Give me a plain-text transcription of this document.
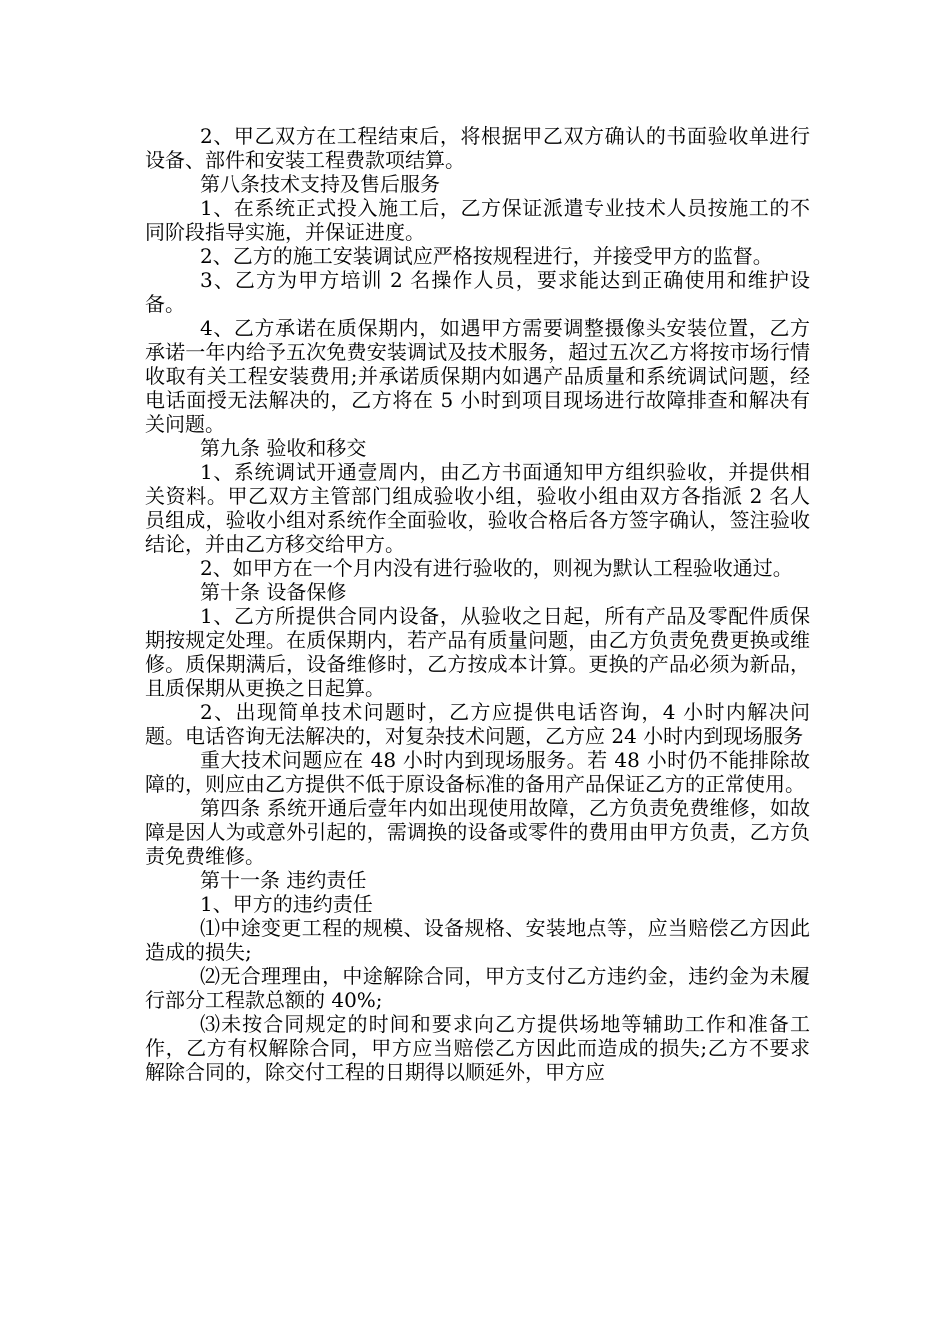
2、甲乙双方在工程结束后，将根据甲乙双方确认的书面验收单进行设备、部件和安装工程费款项结算。

第八条技术支持及售后服务

1、在系统正式投入施工后，乙方保证派遣专业技术人员按施工的不同阶段指导实施，并保证进度。

2、乙方的施工安装调试应严格按规程进行，并接受甲方的监督。

3、乙方为甲方培训 2 名操作人员，要求能达到正确使用和维护设备。

4、乙方承诺在质保期内，如遇甲方需要调整摄像头安装位置，乙方承诺一年内给予五次免费安装调试及技术服务，超过五次乙方将按市场行情收取有关工程安装费用;并承诺质保期内如遇产品质量和系统调试问题，经电话面授无法解决的，乙方将在 5 小时到项目现场进行故障排查和解决有关问题。

第九条 验收和移交

1、系统调试开通壹周内，由乙方书面通知甲方组织验收，并提供相关资料。甲乙双方主管部门组成验收小组，验收小组由双方各指派 2 名人员组成，验收小组对系统作全面验收，验收合格后各方签字确认，签注验收结论，并由乙方移交给甲方。

2、如甲方在一个月内没有进行验收的，则视为默认工程验收通过。

第十条 设备保修

1、乙方所提供合同内设备，从验收之日起，所有产品及零配件质保期按规定处理。在质保期内，若产品有质量问题，由乙方负责免费更换或维修。质保期满后，设备维修时，乙方按成本计算。更换的产品必须为新品，且质保期从更换之日起算。

2、出现简单技术问题时，乙方应提供电话咨询，4 小时内解决问题。电话咨询无法解决的，对复杂技术问题，乙方应 24 小时内到现场服务

重大技术问题应在 48 小时内到现场服务。若 48 小时仍不能排除故障的，则应由乙方提供不低于原设备标准的备用产品保证乙方的正常使用。

第四条 系统开通后壹年内如出现使用故障，乙方负责免费维修，如故障是因人为或意外引起的，需调换的设备或零件的费用由甲方负责，乙方负责免费维修。

第十一条 违约责任

1、甲方的违约责任

⑴中途变更工程的规模、设备规格、安装地点等，应当赔偿乙方因此造成的损失;

⑵无合理理由，中途解除合同，甲方支付乙方违约金，违约金为未履行部分工程款总额的 40%;

⑶未按合同规定的时间和要求向乙方提供场地等辅助工作和准备工作，乙方有权解除合同，甲方应当赔偿乙方因此而造成的损失;乙方不要求解除合同的，除交付工程的日期得以顺延外，甲方应
